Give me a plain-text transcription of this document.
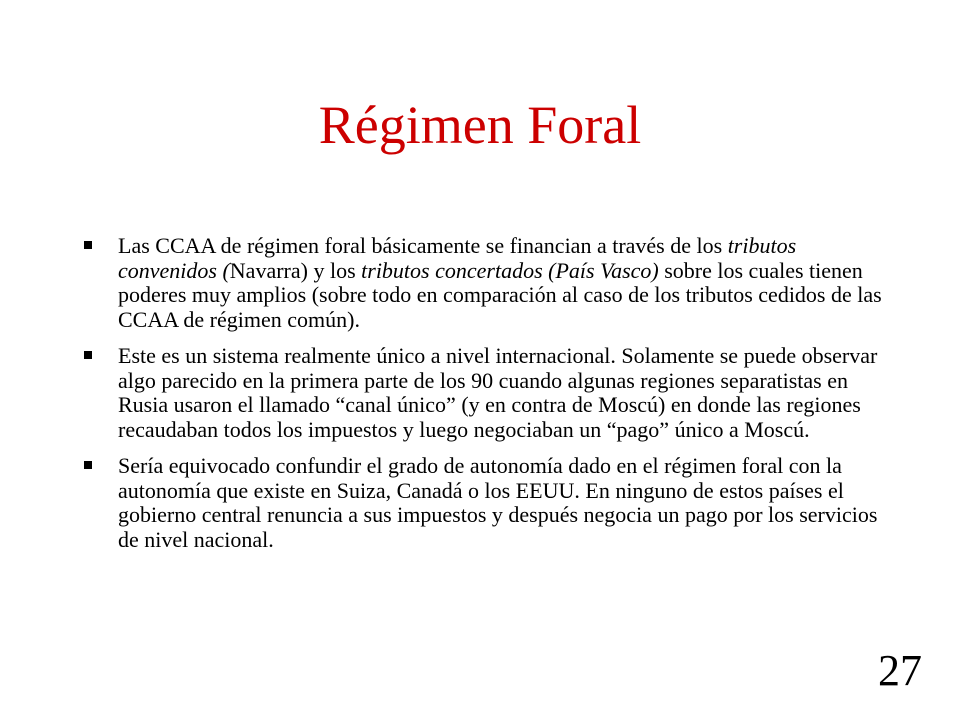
Régimen Foral
Las CCAA de régimen foral básicamente se financian a través de los tributos convenidos (Navarra) y los tributos concertados (País Vasco) sobre los cuales tienen poderes muy amplios (sobre todo en comparación al caso de los tributos cedidos de las CCAA de régimen común).
Este es un sistema realmente único a nivel internacional. Solamente se puede observar algo parecido en la primera parte de los 90 cuando algunas regiones separatistas en Rusia usaron el llamado “canal único” (y en contra de Moscú) en donde las regiones recaudaban todos los impuestos y luego negociaban un “pago” único a Moscú.
Sería equivocado confundir el grado de autonomía dado en el régimen foral con la autonomía que existe en Suiza, Canadá o los EEUU. En ninguno de estos países el gobierno central renuncia a sus impuestos y después negocia un pago por los servicios de nivel nacional.
27
